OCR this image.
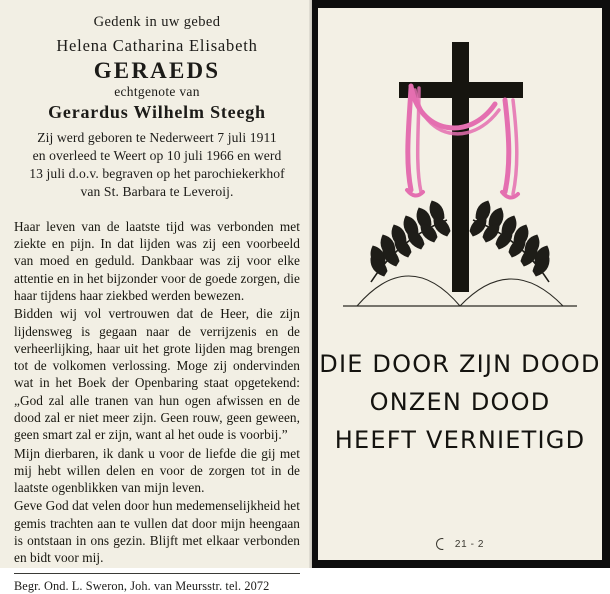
Gedenk in uw gebed
Helena Catharina Elisabeth
GERAEDS
echtgenote van
Gerardus Wilhelm Steegh
Zij werd geboren te Nederweert 7 juli 1911
en overleed te Weert op 10 juli 1966 en werd
13 juli d.o.v. begraven op het parochiekerkhof
van St. Barbara te Leveroij.

Haar leven van de laatste tijd was verbonden met ziekte en pijn. In dat lijden was zij een voorbeeld van moed en geduld. Dankbaar was zij voor elke attentie en in het bijzonder voor de goede zorgen, die haar tijdens haar ziekbed werden bewezen.

Bidden wij vol vertrouwen dat de Heer, die zijn lijdensweg is gegaan naar de verrijzenis en de verheerlijking, haar uit het grote lijden mag brengen tot de volkomen verlossing. Moge zij ondervinden wat in het Boek der Openbaring staat opgetekend: „God zal alle tranen van hun ogen afwissen en de dood zal er niet meer zijn. Geen rouw, geen geween, geen smart zal er zijn, want al het oude is voorbij.”

Mijn dierbaren, ik dank u voor de liefde die gij met mij hebt willen delen en voor de zorgen tot in de laatste ogenblikken van mijn leven.

Geve God dat velen door hun medemenselijkheid het gemis trachten aan te vullen dat door mijn heengaan is ontstaan in ons gezin. Blijft met elkaar verbonden en bidt voor mij.

Begr. Ond. L. Sweron, Joh. van Meursstr. tel. 2072
DIE DOOR ZIJN DOOD
ONZEN DOOD
HEEFT VERNIETIGD
21 - 2
